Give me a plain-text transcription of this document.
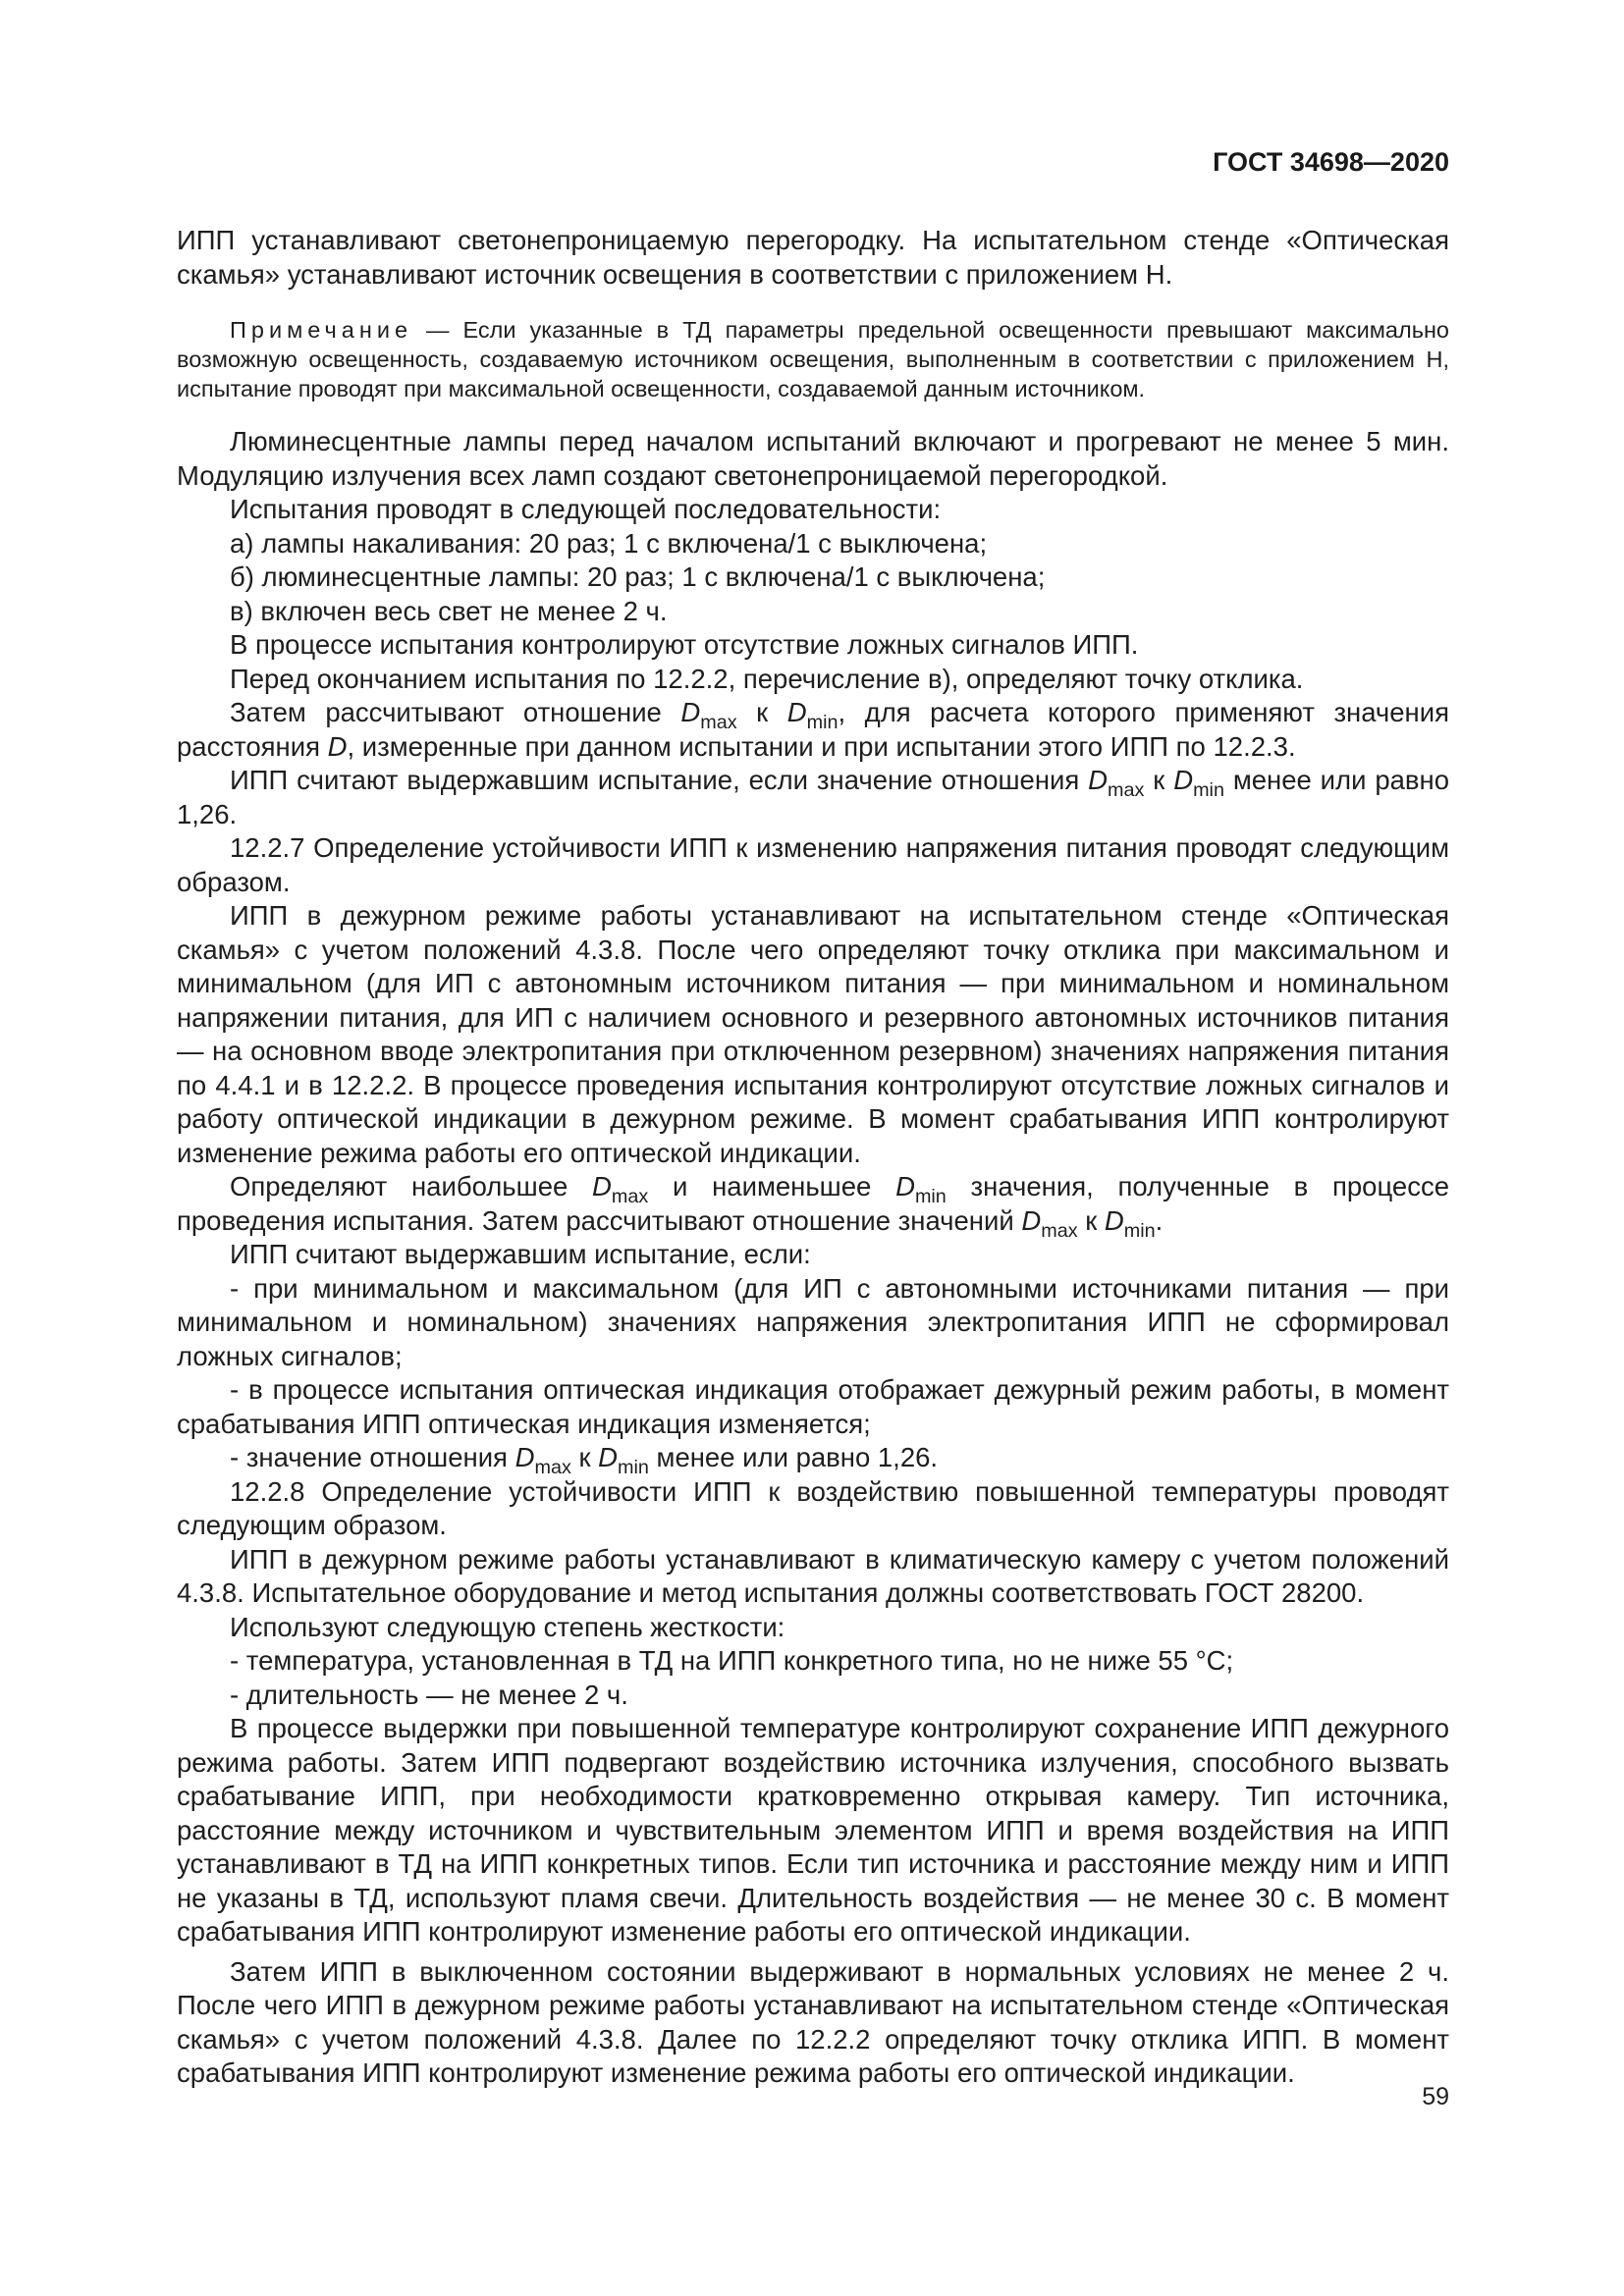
ГОСТ 34698—2020

ИПП устанавливают светонепроницаемую перегородку. На испытательном стенде «Оптическая скамья» устанавливают источник освещения в соответствии с приложением Н.

Примечание — Если указанные в ТД параметры предельной освещенности превышают максимально возможную освещенность, создаваемую источником освещения, выполненным в соответствии с приложением Н, испытание проводят при максимальной освещенности, создаваемой данным источником.

Люминесцентные лампы перед началом испытаний включают и прогревают не менее 5 мин. Модуляцию излучения всех ламп создают светонепроницаемой перегородкой.

Испытания проводят в следующей последовательности:

а) лампы накаливания: 20 раз; 1 с включена/1 с выключена;

б) люминесцентные лампы: 20 раз; 1 с включена/1 с выключена;

в) включен весь свет не менее 2 ч.

В процессе испытания контролируют отсутствие ложных сигналов ИПП.

Перед окончанием испытания по 12.2.2, перечисление в), определяют точку отклика.

Затем рассчитывают отношение $D_{max}$ к $D_{min}$, для расчета которого применяют значения расстояния D, измеренные при данном испытании и при испытании этого ИПП по 12.2.3.

ИПП считают выдержавшим испытание, если значение отношения $D_{max}$ к $D_{min}$ менее или равно 1,26.

12.2.7 Определение устойчивости ИПП к изменению напряжения питания проводят следующим образом.

ИПП в дежурном режиме работы устанавливают на испытательном стенде «Оптическая скамья» с учетом положений 4.3.8. После чего определяют точку отклика при максимальном и минимальном (для ИП с автономным источником питания — при минимальном и номинальном напряжении питания, для ИП с наличием основного и резервного автономных источников питания — на основном вводе электропитания при отключенном резервном) значениях напряжения питания по 4.4.1 и в 12.2.2. В процессе проведения испытания контролируют отсутствие ложных сигналов и работу оптической индикации в дежурном режиме. В момент срабатывания ИПП контролируют изменение режима работы его оптической индикации.

Определяют наибольшее $D_{max}$ и наименьшее $D_{min}$ значения, полученные в процессе проведения испытания. Затем рассчитывают отношение значений $D_{max}$ к $D_{min}$.

ИПП считают выдержавшим испытание, если:

- при минимальном и максимальном (для ИП с автономными источниками питания — при минимальном и номинальном) значениях напряжения электропитания ИПП не сформировал ложных сигналов;

- в процессе испытания оптическая индикация отображает дежурный режим работы, в момент срабатывания ИПП оптическая индикация изменяется;

- значение отношения $D_{max}$ к $D_{min}$ менее или равно 1,26.

12.2.8 Определение устойчивости ИПП к воздействию повышенной температуры проводят следующим образом.

ИПП в дежурном режиме работы устанавливают в климатическую камеру с учетом положений 4.3.8. Испытательное оборудование и метод испытания должны соответствовать ГОСТ 28200.

Используют следующую степень жесткости:

- температура, установленная в ТД на ИПП конкретного типа, но не ниже 55 °С;

- длительность — не менее 2 ч.

В процессе выдержки при повышенной температуре контролируют сохранение ИПП дежурного режима работы. Затем ИПП подвергают воздействию источника излучения, способного вызвать срабатывание ИПП, при необходимости кратковременно открывая камеру. Тип источника, расстояние между источником и чувствительным элементом ИПП и время воздействия на ИПП устанавливают в ТД на ИПП конкретных типов. Если тип источника и расстояние между ним и ИПП не указаны в ТД, используют пламя свечи. Длительность воздействия — не менее 30 с. В момент срабатывания ИПП контролируют изменение работы его оптической индикации.

Затем ИПП в выключенном состоянии выдерживают в нормальных условиях не менее 2 ч. После чего ИПП в дежурном режиме работы устанавливают на испытательном стенде «Оптическая скамья» с учетом положений 4.3.8. Далее по 12.2.2 определяют точку отклика ИПП. В момент срабатывания ИПП контролируют изменение режима работы его оптической индикации.

59
